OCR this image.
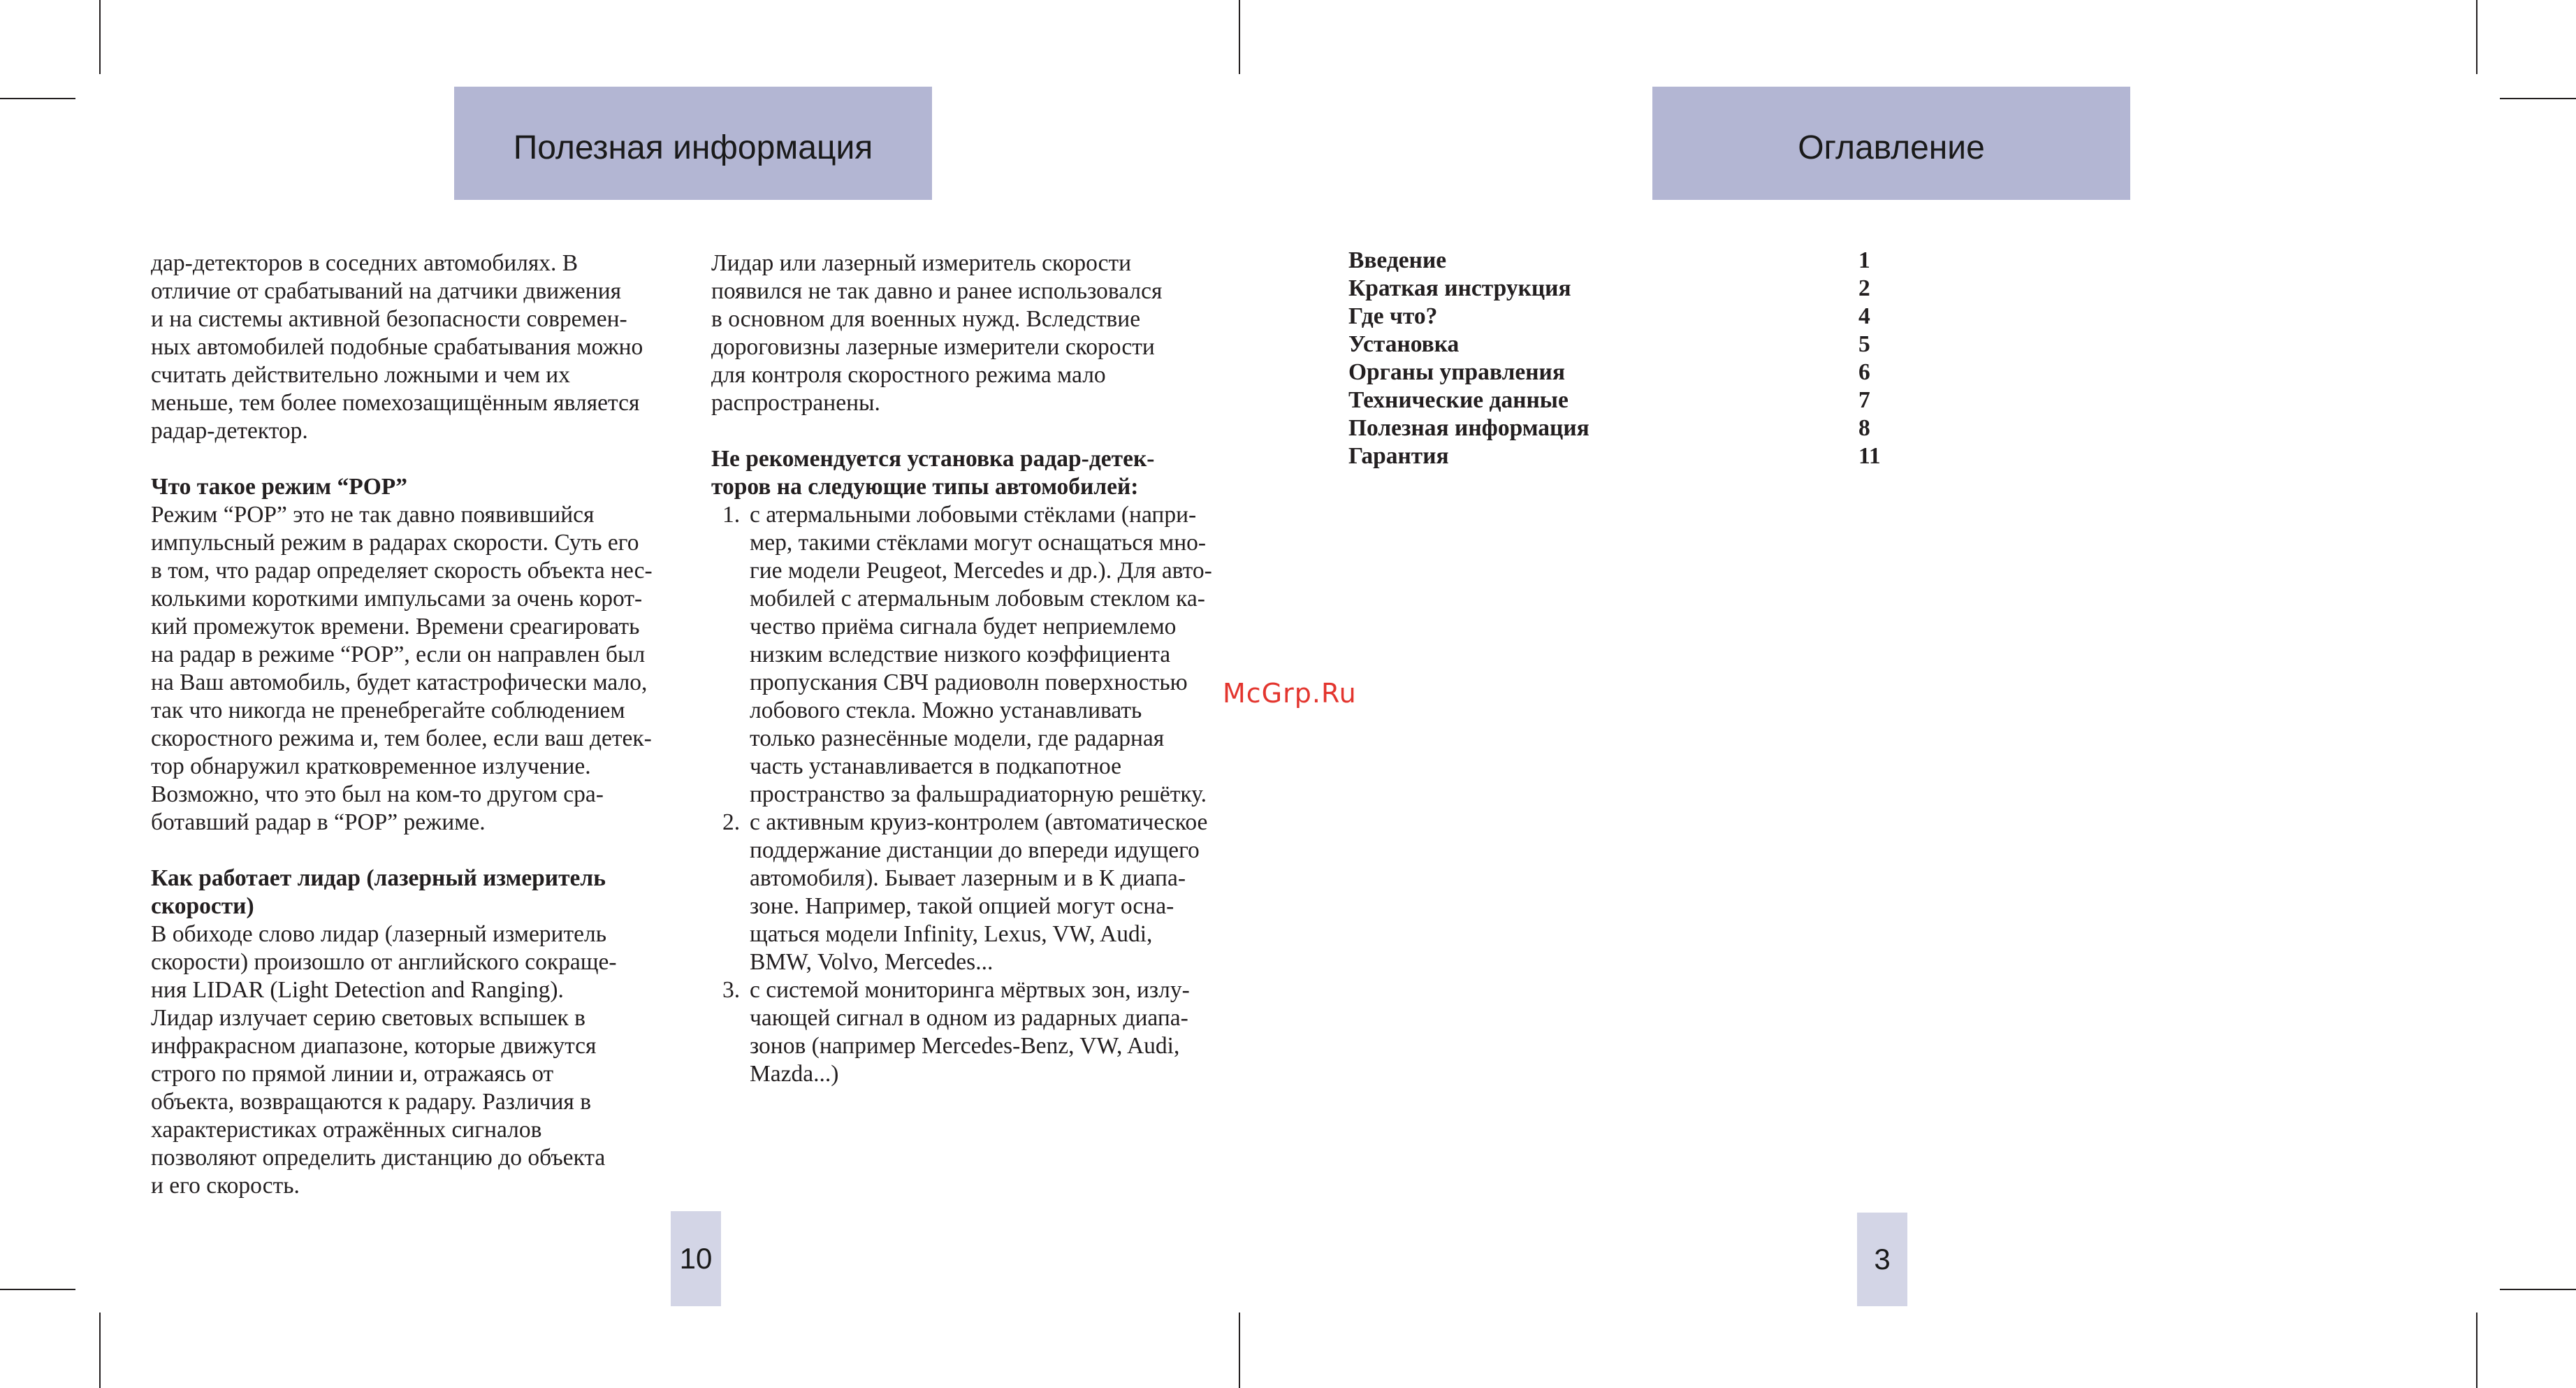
Полезная информация
дар-детекторов в соседних автомобилях. В
отличие от срабатываний на датчики движения
и на системы активной безопасности современ-
ных автомобилей подобные срабатывания можно
считать действительно ложными и чем их
меньше, тем более помехозащищённым является
радар-детектор.
Что такое режим “POP”
Режим “POP” это не так давно появившийся
импульсный режим в радарах скорости. Суть его
в том, что радар определяет скорость объекта нес-
колькими короткими импульсами за очень корот-
кий промежуток времени. Времени среагировать
на радар в режиме “POP”, если он направлен был
на Ваш автомобиль, будет катастрофически мало,
так что никогда не пренебрегайте соблюдением
скоростного режима и, тем более, если ваш детек-
тор обнаружил кратковременное излучение.
Возможно, что это был на ком-то другом сра-
ботавший радар в “POP” режиме.
Как работает лидар (лазерный измеритель
скорости)
В обиходе слово лидар (лазерный измеритель
скорости) произошло от английского сокраще-
ния LIDAR (Light Detection and Ranging).
Лидар излучает серию световых вспышек в
инфракрасном диапазоне, которые движутся
строго по прямой линии и, отражаясь от
объекта, возвращаются к радару. Различия в
характеристиках отражённых сигналов
позволяют определить дистанцию до объекта
и его скорость.
Лидар или лазерный измеритель скорости
появился не так давно и ранее использовался
в основном для военных нужд. Вследствие
дороговизны лазерные измерители скорости
для контроля скоростного режима мало
распространены.
Не рекомендуется установка радар-детек-
торов на следующие типы автомобилей:
1. с атермальными лобовыми стёклами (напри-
мер, такими стёклами могут оснащаться мно-
гие модели Peugeot, Mercedes и др.). Для авто-
мобилей с атермальным лобовым стеклом ка-
чество приёма сигнала будет неприемлемо
низким вследствие низкого коэффициента
пропускания СВЧ радиоволн поверхностью
лобового стекла. Можно устанавливать
только разнесённые модели, где радарная
часть устанавливается в подкапотное
пространство за фальшрадиаторную решётку.
2. с активным круиз-контролем (автоматическое
поддержание дистанции до впереди идущего
автомобиля). Бывает лазерным и в К диапа-
зоне. Например, такой опцией могут осна-
щаться модели Infinity, Lexus, VW, Audi,
BMW, Volvo, Mercedes...
3. с системой мониторинга мёртвых зон, излу-
чающей сигнал в одном из радарных диапа-
зонов (например Mercedes-Benz, VW, Audi,
Mazda...)
10
Оглавление
Введение	1
Краткая инструкция	2
Где что?	4
Установка	5
Органы управления	6
Технические данные	7
Полезная информация	8
Гарантия	11
3
McGrp.Ru
